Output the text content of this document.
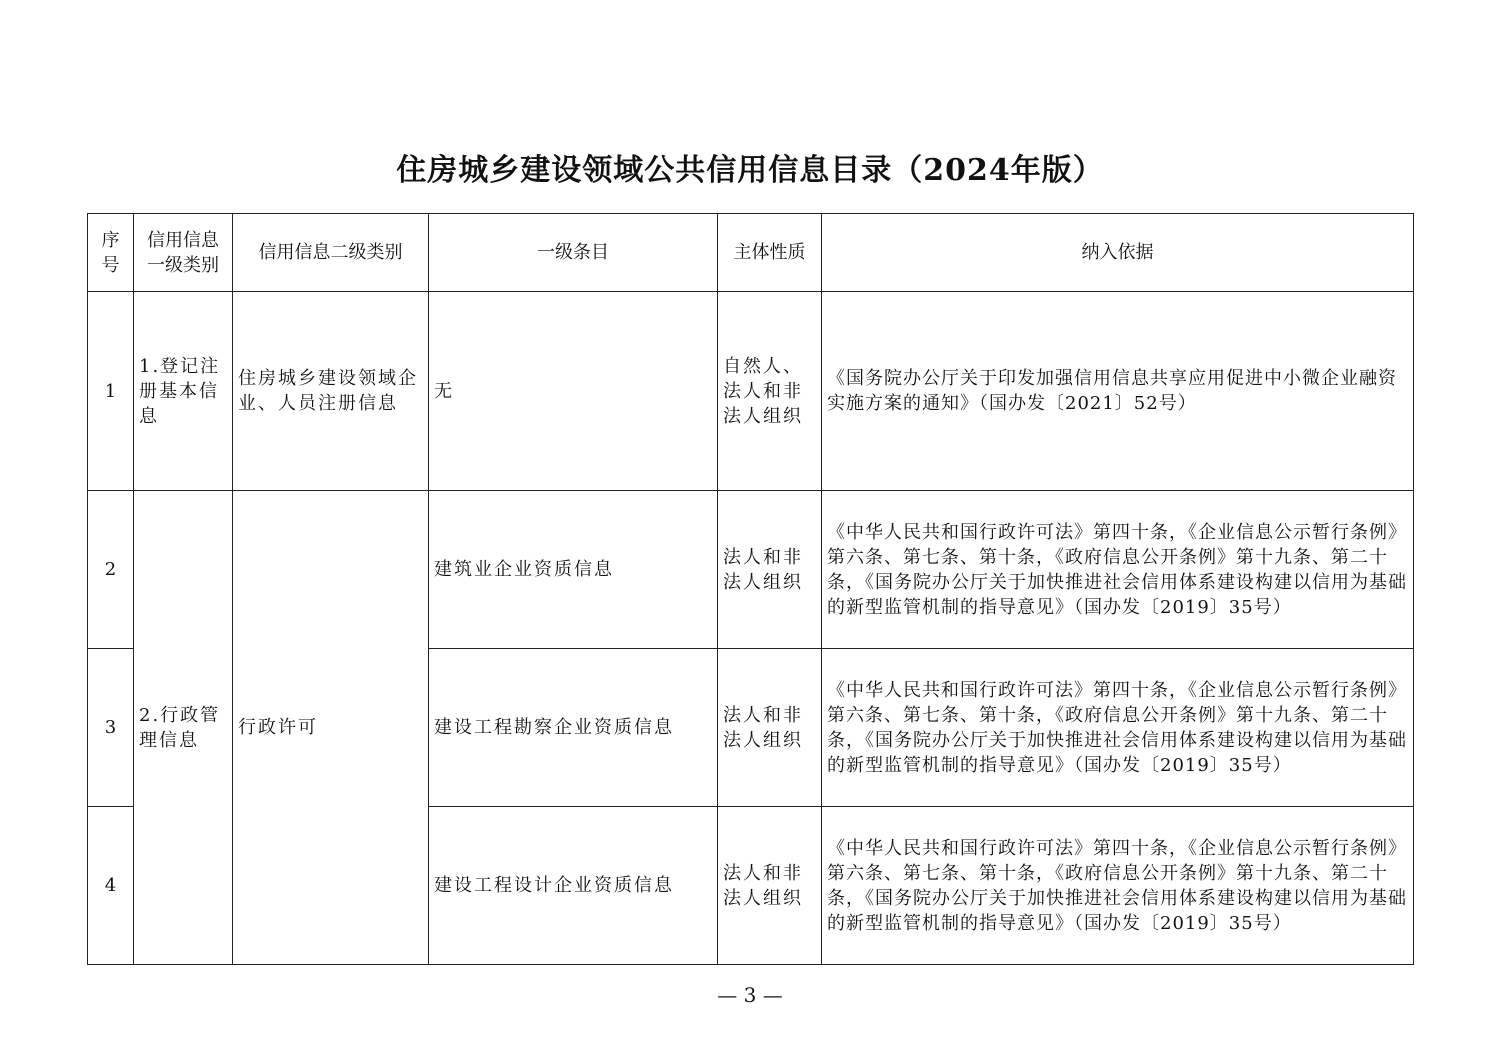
住房城乡建设领域公共信用信息目录（2024年版）
序号	信用信息一级类别	信用信息二级类别	一级条目	主体性质	纳入依据
1	1.登记注册基本信息	住房城乡建设领域企业、人员注册信息	无	自然人、法人和非法人组织	《国务院办公厅关于印发加强信用信息共享应用促进中小微企业融资实施方案的通知》（国办发〔2021〕52号）
2	2.行政管理信息	行政许可	建筑业企业资质信息	法人和非法人组织	《中华人民共和国行政许可法》第四十条，《企业信息公示暂行条例》第六条、第七条、第十条，《政府信息公开条例》第十九条、第二十条，《国务院办公厅关于加快推进社会信用体系建设构建以信用为基础的新型监管机制的指导意见》（国办发〔2019〕35号）
3			建设工程勘察企业资质信息	法人和非法人组织	《中华人民共和国行政许可法》第四十条，《企业信息公示暂行条例》第六条、第七条、第十条，《政府信息公开条例》第十九条、第二十条，《国务院办公厅关于加快推进社会信用体系建设构建以信用为基础的新型监管机制的指导意见》（国办发〔2019〕35号）
4			建设工程设计企业资质信息	法人和非法人组织	《中华人民共和国行政许可法》第四十条，《企业信息公示暂行条例》第六条、第七条、第十条，《政府信息公开条例》第十九条、第二十条，《国务院办公厅关于加快推进社会信用体系建设构建以信用为基础的新型监管机制的指导意见》（国办发〔2019〕35号）
— 3 —
